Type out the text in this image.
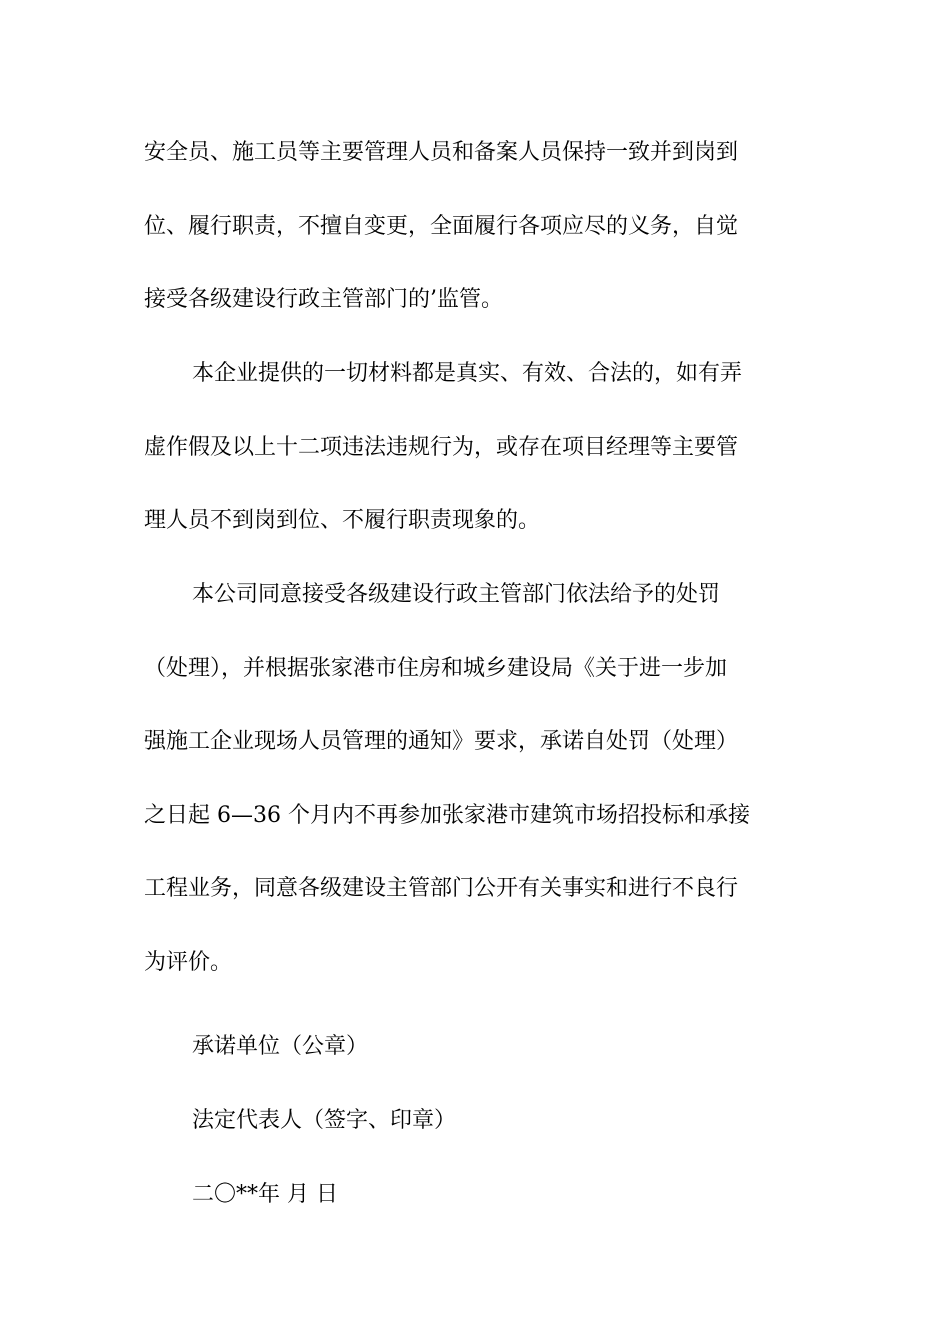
安全员、施工员等主要管理人员和备案人员保持一致并到岗到
位、履行职责，不擅自变更，全面履行各项应尽的义务，自觉
接受各级建设行政主管部门的’监管。
本企业提供的一切材料都是真实、有效、合法的，如有弄
虚作假及以上十二项违法违规行为，或存在项目经理等主要管
理人员不到岗到位、不履行职责现象的。
本公司同意接受各级建设行政主管部门依法给予的处罚
（处理），并根据张家港市住房和城乡建设局《关于进一步加
强施工企业现场人员管理的通知》要求，承诺自处罚（处理）
之日起 6—36 个月内不再参加张家港市建筑市场招投标和承接
工程业务，同意各级建设主管部门公开有关事实和进行不良行
为评价。
承诺单位（公章）
法定代表人（签字、印章）
二〇**年 月 日
